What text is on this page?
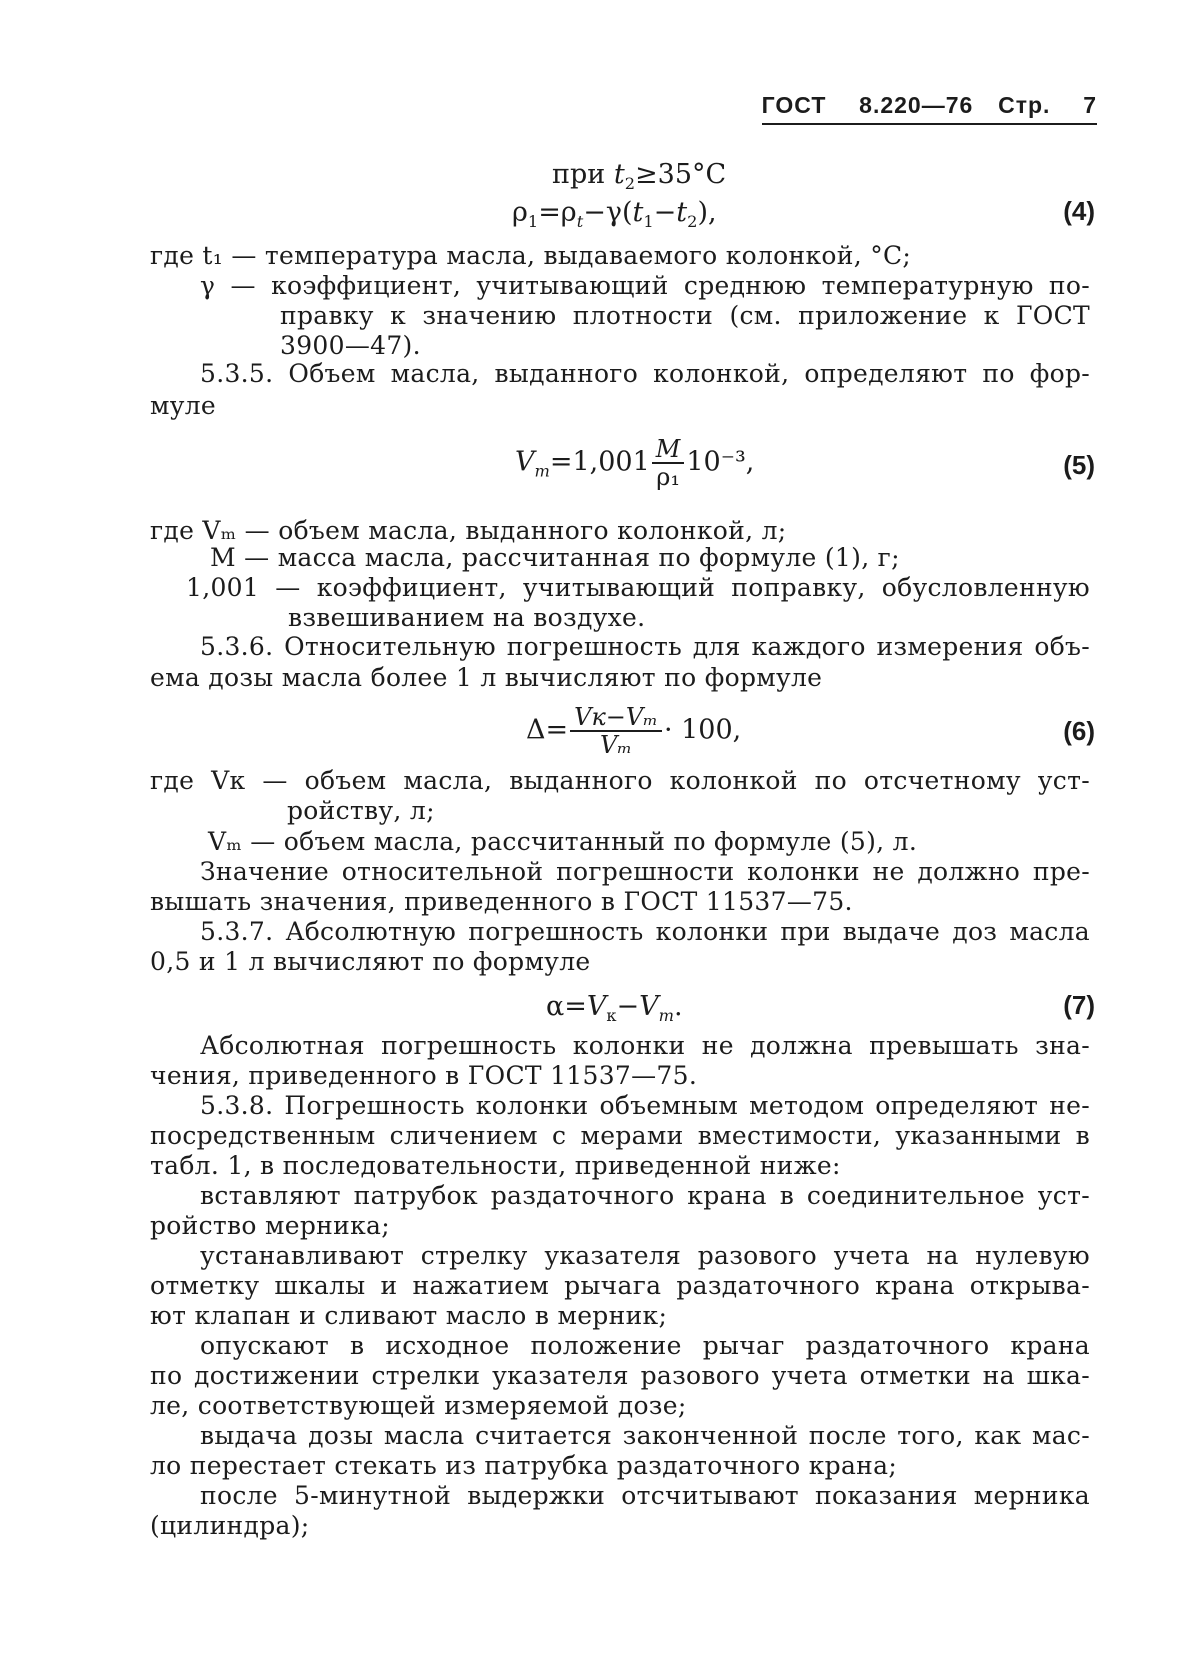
ГОСТ 8.220—76 Стр. 7
при $t_2\ge 35^\circ С$
$\rho_1=\rho_t-\gamma(t_1-t_2)$,	(4)
где t₁ — температура масла, выдаваемого колонкой, °С;
γ — коэффициент, учитывающий среднюю температурную по-
правку к значению плотности (см. приложение к ГОСТ
3900—47).
5.3.5. Объем масла, выданного колонкой, определяют по фор-
муле
$V_m=1,001 \frac{M}{\text{ρ₁}} 10^{-3}$,	(5)
где Vₘ — объем масла, выданного колонкой, л;
M — масса масла, рассчитанная по формуле (1), г;
1,001 — коэффициент, учитывающий поправку, обусловленную
взвешиванием на воздухе.
5.3.6. Относительную погрешность для каждого измерения объ-
ема дозы масла более 1 л вычисляют по формуле
$\Delta= \frac{\text{Vк−Vₘ}}{\text{Vₘ}} \cdot 100$,	(6)
где Vк — объем масла, выданного колонкой по отсчетному уст-
ройству, л;
Vₘ — объем масла, рассчитанный по формуле (5), л.
Значение относительной погрешности колонки не должно пре-
вышать значения, приведенного в ГОСТ 11537—75.
5.3.7. Абсолютную погрешность колонки при выдаче доз масла
0,5 и 1 л вычисляют по формуле
$\alpha=V_к-V_m$.	(7)
Абсолютная погрешность колонки не должна превышать зна-
чения, приведенного в ГОСТ 11537—75.
5.3.8. Погрешность колонки объемным методом определяют не-
посредственным сличением с мерами вместимости, указанными в
табл. 1, в последовательности, приведенной ниже:
вставляют патрубок раздаточного крана в соединительное уст-
ройство мерника;
устанавливают стрелку указателя разового учета на нулевую
отметку шкалы и нажатием рычага раздаточного крана открыва-
ют клапан и сливают масло в мерник;
опускают в исходное положение рычаг раздаточного крана
по достижении стрелки указателя разового учета отметки на шка-
ле, соответствующей измеряемой дозе;
выдача дозы масла считается законченной после того, как мас-
ло перестает стекать из патрубка раздаточного крана;
после 5-минутной выдержки отсчитывают показания мерника
(цилиндра);
